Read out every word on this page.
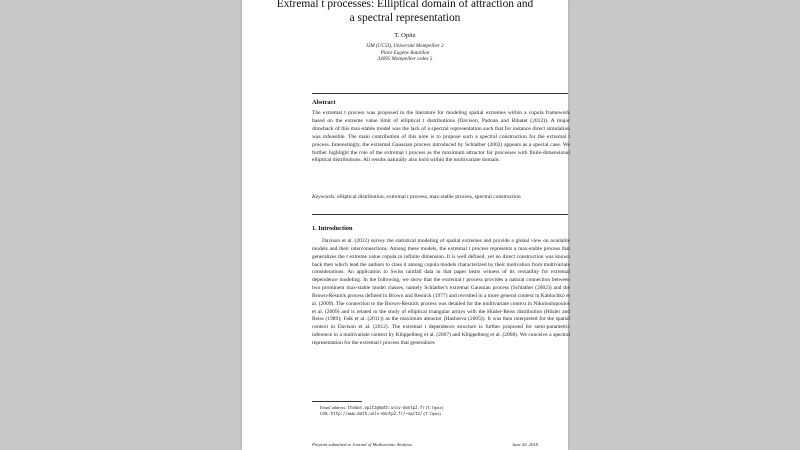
Extremal t processes: Elliptical domain of attraction and
a spectral representation
T. Opitz
I3M (UC5I), Université Montpellier 2
Place Eugène Bataillon
34095 Montpellier cedex 5
Abstract
The extremal t process was proposed in the literature for modeling spatial extremes within a copula framework based on the extreme value limit of elliptical t distributions (Davison, Padoan and Ribatet (2012)). A major drawback of this max-stable model was the lack of a spectral representation such that for instance direct simulation was infeasible. The main contribution of this note is to propose such a spectral construction for the extremal t process. Interestingly, the extremal Gaussian process introduced by Schlather (2002) appears as a special case. We further highlight the role of the extremal t process as the maximum attractor for processes with finite-dimensional elliptical distributions. All results naturally also hold within the multivariate domain.
Keywords: elliptical distribution, extremal t process, max-stable process, spectral construction
1. Introduction
Davison et al. (2012) survey the statistical modeling of spatial extremes and provide a global view on available models and their interconnections. Among these models, the extremal t process represents a max-stable process that generalizes the t extreme value copula to infinite dimension. It is well defined, yet no direct construction was known back then which lead the authors to class it among copula models characterized by their motivation from multivariate considerations. An application to Swiss rainfall data in that paper bears witness of its versatility for extremal dependence modeling. In the following, we show that the extremal t process provides a natural connection between two prominent max-stable model classes, namely Schlather's extremal Gaussian process (Schlather (2002)) and the Brown-Resnick process defined in Brown and Resnick (1977) and revisited in a more general context in Kabluchko et al. (2009). The connection to the Brown-Resnick process was detailed for the multivariate context in Nikoloulopoulos et al. (2009) and is related to the study of elliptical triangular arrays with the Hüsler-Reiss distribution (Hüsler and Reiss (1989); Falk et al. (2011)) as the maximum attractor (Hashorva (2005)). It was then interpreted for the spatial context in Davison et al. (2012). The extremal t dependence structure is further proposed for semi-parametric inference in a multivariate context by Klüppelberg et al. (2007) and Klüppelberg et al. (2008). We conceive a spectral representation for the extremal t process that generalizes
Email address: thomas.opitz@math.univ-montp2.fr (T. Opitz)
URL: http://www.math.univ-montp2.fr/~opitz/ (T. Opitz)
Preprint submitted to Journal of Multivariate Analysis	June 20, 2018
